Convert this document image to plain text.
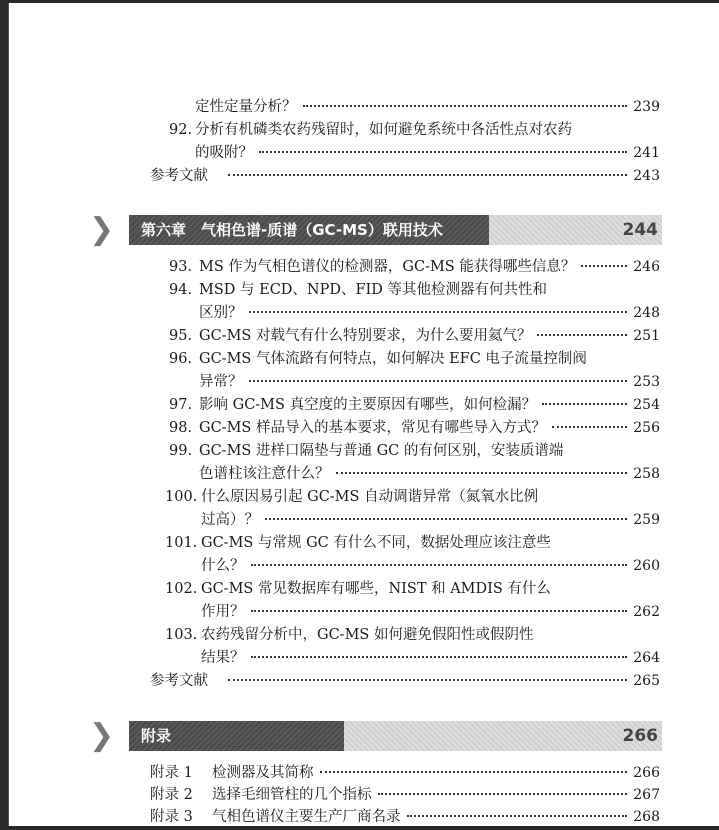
定性定量分析？	239
92. 分析有机磷类农药残留时，如何避免系统中各活性点对农药
的吸附？	241
参考文献	243
❯	第六章　气相色谱-质谱（GC-MS）联用技术	244
93. MS 作为气相色谱仪的检测器，GC-MS 能获得哪些信息？	246
94. MSD 与 ECD、NPD、FID 等其他检测器有何共性和
区别？	248
95. GC-MS 对载气有什么特别要求，为什么要用氦气？	251
96. GC-MS 气体流路有何特点，如何解决 EFC 电子流量控制阀
异常？	253
97. 影响 GC-MS 真空度的主要原因有哪些，如何检漏？	254
98. GC-MS 样品导入的基本要求，常见有哪些导入方式？	256
99. GC-MS 进样口隔垫与普通 GC 的有何区别，安装质谱端
色谱柱该注意什么？	258
100. 什么原因易引起 GC-MS 自动调谐异常（氮氧水比例
过高）？	259
101. GC-MS 与常规 GC 有什么不同，数据处理应该注意些
什么？	260
102. GC-MS 常见数据库有哪些，NIST 和 AMDIS 有什么
作用？	262
103. 农药残留分析中，GC-MS 如何避免假阳性或假阴性
结果？	264
参考文献	265
❯	附录	266
附录 1	检测器及其简称	266
附录 2	选择毛细管柱的几个指标	267
附录 3	气相色谱仪主要生产厂商名录	268
